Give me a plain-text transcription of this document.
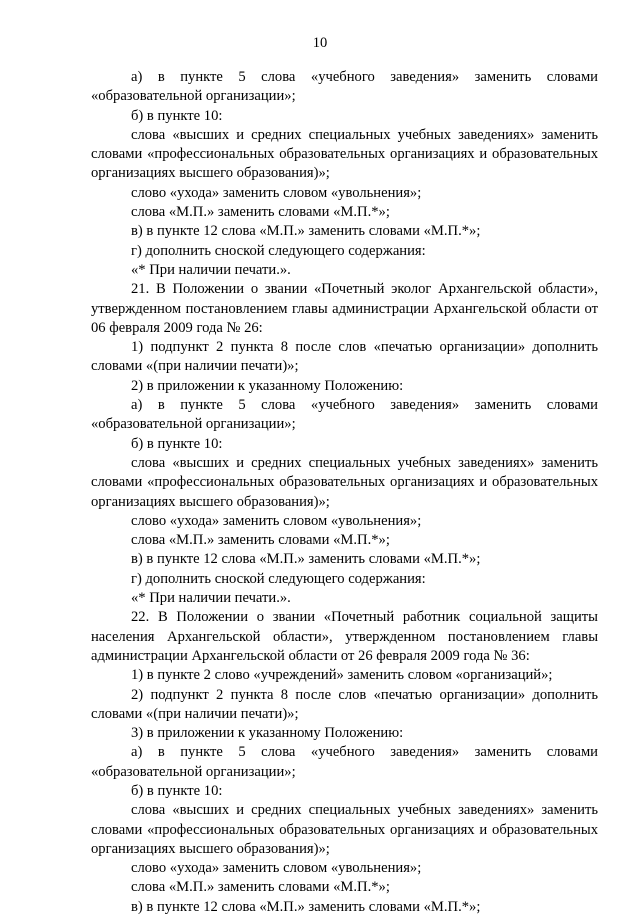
10

а) в пункте 5 слова «учебного заведения» заменить словами «образовательной организации»;

б) в пункте 10:

слова «высших и средних специальных учебных заведениях» заменить словами «профессиональных образовательных организациях и образовательных организациях высшего образования)»;

слово «ухода» заменить словом «увольнения»;

слова «М.П.» заменить словами «М.П.*»;

в) в пункте 12 слова «М.П.» заменить словами «М.П.*»;

г) дополнить сноской следующего содержания:

«* При наличии печати.».

21. В Положении о звании «Почетный эколог Архангельской области», утвержденном постановлением главы администрации Архангельской области от 06 февраля 2009 года № 26:

1) подпункт 2 пункта 8 после слов «печатью организации» дополнить словами «(при наличии печати)»;

2) в приложении к указанному Положению:

а) в пункте 5 слова «учебного заведения» заменить словами «образовательной организации»;

б) в пункте 10:

слова «высших и средних специальных учебных заведениях» заменить словами «профессиональных образовательных организациях и образовательных организациях высшего образования)»;

слово «ухода» заменить словом «увольнения»;

слова «М.П.» заменить словами «М.П.*»;

в) в пункте 12 слова «М.П.» заменить словами «М.П.*»;

г) дополнить сноской следующего содержания:

«* При наличии печати.».

22. В Положении о звании «Почетный работник социальной защиты населения Архангельской области», утвержденном постановлением главы администрации Архангельской области от 26 февраля 2009 года № 36:

1) в пункте 2 слово «учреждений» заменить словом «организаций»;

2) подпункт 2 пункта 8 после слов «печатью организации» дополнить словами «(при наличии печати)»;

3) в приложении к указанному Положению:

а) в пункте 5 слова «учебного заведения» заменить словами «образовательной организации»;

б) в пункте 10:

слова «высших и средних специальных учебных заведениях» заменить словами «профессиональных образовательных организациях и образовательных организациях высшего образования)»;

слово «ухода» заменить словом «увольнения»;

слова «М.П.» заменить словами «М.П.*»;

в) в пункте 12 слова «М.П.» заменить словами «М.П.*»;
